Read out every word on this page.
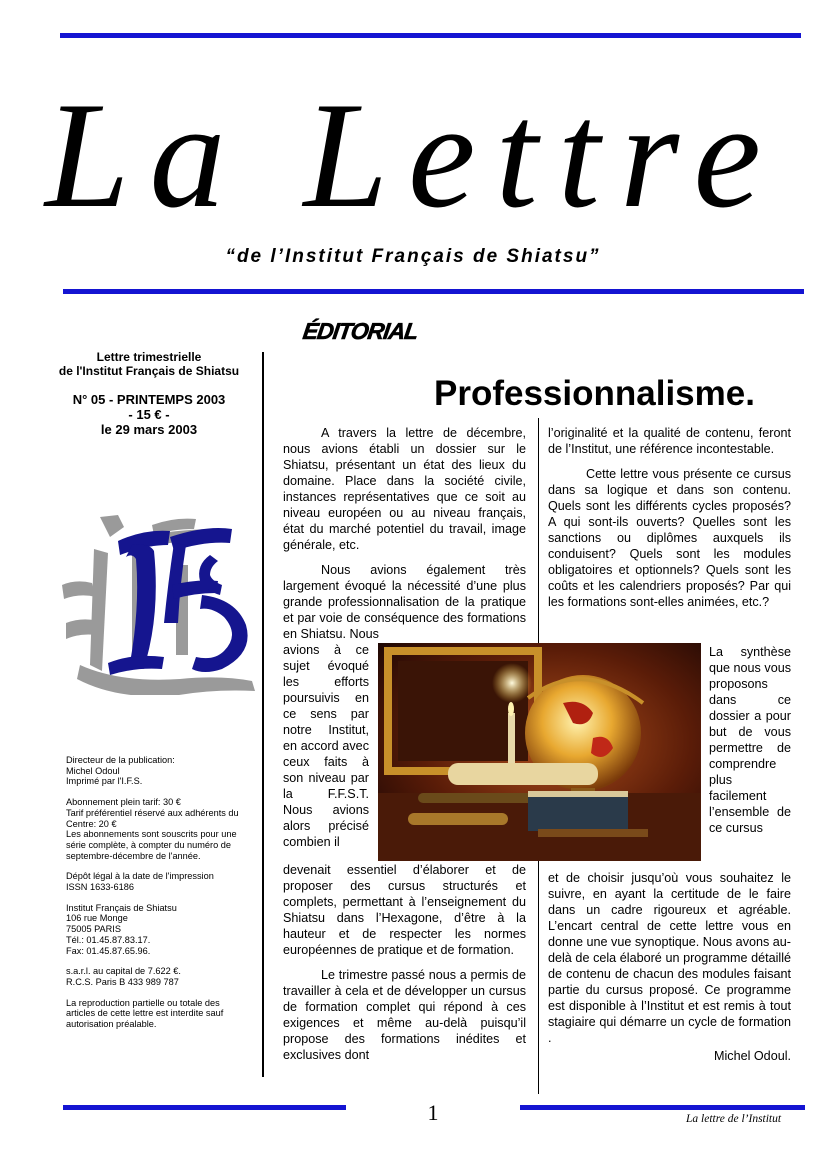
La Lettre
“de l’Institut Français de Shiatsu”
ÉDITORIAL
Professionnalisme.
Lettre trimestrielle
de l'Institut Français de Shiatsu
N° 05 - PRINTEMPS 2003
- 15 € -
le 29 mars 2003

Directeur de la publication:
Michel Odoul
Imprimé par l'I.F.S.

Abonnement plein tarif: 30 €
Tarif préférentiel réservé aux adhérents du Centre: 20 €
Les abonnements sont souscrits pour une série complète, à compter du numéro de septembre-décembre de l'année.

Dépôt légal à la date de l'impression
ISSN 1633-6186

Institut Français de Shiatsu
106 rue Monge
75005 PARIS
Tél.: 01.45.87.83.17.
Fax: 01.45.87.65.96.

s.a.r.l. au capital de 7.622 €.
R.C.S. Paris B 433 989 787

La reproduction partielle ou totale des articles de cette lettre est interdite sauf autorisation préalable.

A travers la lettre de décembre, nous avions établi un dossier sur le Shiatsu, présentant un état des lieux du domaine. Place dans la société civile, instances représentatives que ce soit au niveau européen ou au niveau français, état du marché potentiel du travail, image générale, etc.

Nous avions également très largement évoqué la nécessité d’une plus grande professionnalisation de la pratique et par voie de conséquence des formations en Shiatsu. Nous

avions à ce sujet évoqué les efforts poursuivis en ce sens par notre Institut, en accord avec ceux faits à son niveau par la F.F.S.T. Nous avions alors précisé combien il

devenait essentiel d’élaborer et de proposer des cursus structurés et complets, permettant à l’enseignement du Shiatsu dans l’Hexagone, d’être à la hauteur et de respecter les normes européennes de pratique et de formation.

Le trimestre passé nous a permis de travailler à cela et de développer un cursus de formation complet qui répond à ces exigences et même au-delà puisqu’il propose des formations inédites et exclusives dont

l’originalité et la qualité de contenu, feront de l’Institut, une référence incontestable.

Cette lettre vous présente ce cursus dans sa logique et dans son contenu. Quels sont les différents cycles proposés? A qui sont-ils ouverts? Quelles sont les sanctions ou diplômes auxquels ils conduisent? Quels sont les modules obligatoires et optionnels? Quels sont les coûts et les calendriers proposés? Par qui les formations sont-elles animées, etc.?

La synthèse que nous vous proposons dans ce dossier a pour but de vous permettre de comprendre plus facilement l’ensemble de ce cursus

et de choisir jusqu’où vous souhaitez le suivre, en ayant la certitude de le faire dans un cadre rigoureux et agréable. L’encart central de cette lettre vous en donne une vue synoptique. Nous avons au-delà de cela élaboré un programme détaillé de contenu de chacun des modules faisant partie du cursus proposé. Ce programme est disponible à l’Institut et est remis à tout stagiaire qui démarre un cycle de formation .

Michel Odoul.

1	La lettre de l’Institut
